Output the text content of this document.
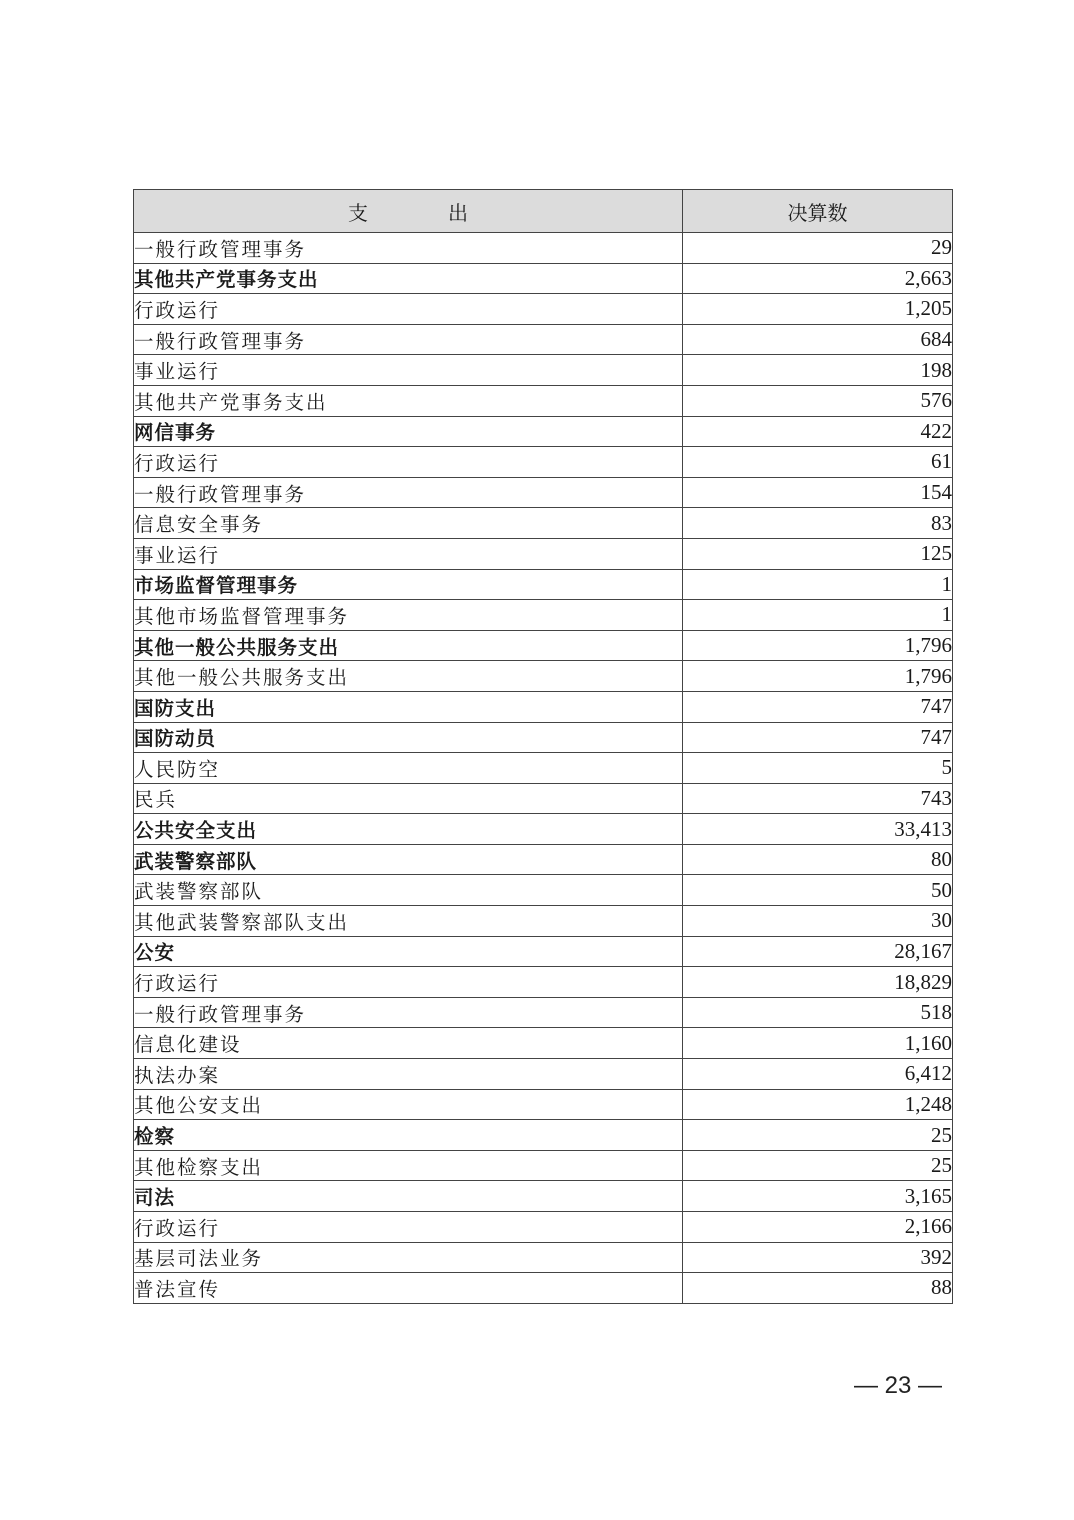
支 出	决算数
一般行政管理事务	29
其他共产党事务支出	2,663
行政运行	1,205
一般行政管理事务	684
事业运行	198
其他共产党事务支出	576
网信事务	422
行政运行	61
一般行政管理事务	154
信息安全事务	83
事业运行	125
市场监督管理事务	1
其他市场监督管理事务	1
其他一般公共服务支出	1,796
其他一般公共服务支出	1,796
国防支出	747
国防动员	747
人民防空	5
民兵	743
公共安全支出	33,413
武装警察部队	80
武装警察部队	50
其他武装警察部队支出	30
公安	28,167
行政运行	18,829
一般行政管理事务	518
信息化建设	1,160
执法办案	6,412
其他公安支出	1,248
检察	25
其他检察支出	25
司法	3,165
行政运行	2,166
基层司法业务	392
普法宣传	88
— 23 —
